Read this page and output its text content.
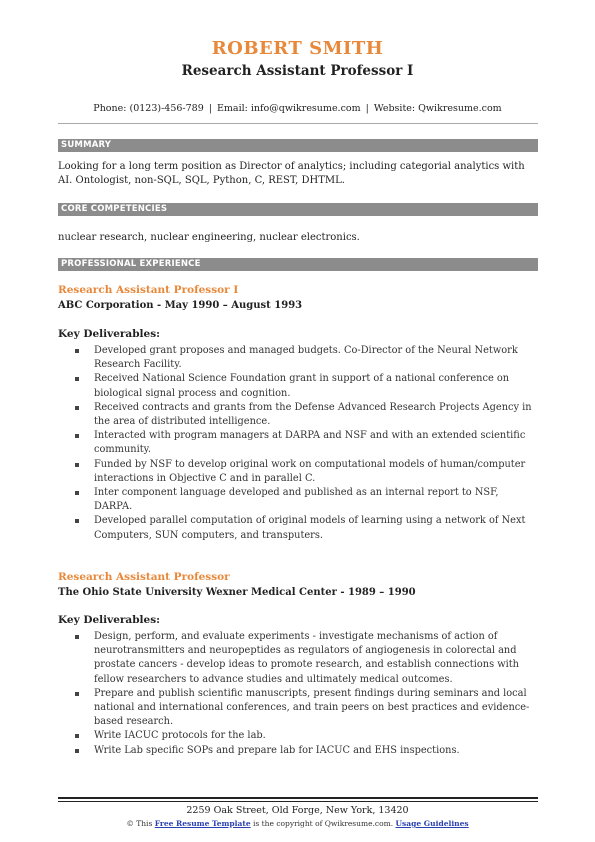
ROBERT SMITH
Research Assistant Professor I
Phone: (0123)-456-789 | Email: info@qwikresume.com | Website: Qwikresume.com
SUMMARY
Looking for a long term position as Director of analytics; including categorial analytics with AI. Ontologist, non-SQL, SQL, Python, C, REST, DHTML.
CORE COMPETENCIES
nuclear research, nuclear engineering, nuclear electronics.
PROFESSIONAL EXPERIENCE
Research Assistant Professor I
ABC Corporation - May 1990 – August 1993
Key Deliverables:
Developed grant proposes and managed budgets. Co-Director of the Neural Network Research Facility.
Received National Science Foundation grant in support of a national conference on biological signal process and cognition.
Received contracts and grants from the Defense Advanced Research Projects Agency in the area of distributed intelligence.
Interacted with program managers at DARPA and NSF and with an extended scientific community.
Funded by NSF to develop original work on computational models of human/computer interactions in Objective C and in parallel C.
Inter component language developed and published as an internal report to NSF, DARPA.
Developed parallel computation of original models of learning using a network of Next Computers, SUN computers, and transputers.
Research Assistant Professor
The Ohio State University Wexner Medical Center - 1989 – 1990
Key Deliverables:
Design, perform, and evaluate experiments - investigate mechanisms of action of neurotransmitters and neuropeptides as regulators of angiogenesis in colorectal and prostate cancers - develop ideas to promote research, and establish connections with fellow researchers to advance studies and ultimately medical outcomes.
Prepare and publish scientific manuscripts, present findings during seminars and local national and international conferences, and train peers on best practices and evidence-based research.
Write IACUC protocols for the lab.
Write Lab specific SOPs and prepare lab for IACUC and EHS inspections.
2259 Oak Street, Old Forge, New York, 13420
© This Free Resume Template is the copyright of Qwikresume.com. Usage Guidelines
